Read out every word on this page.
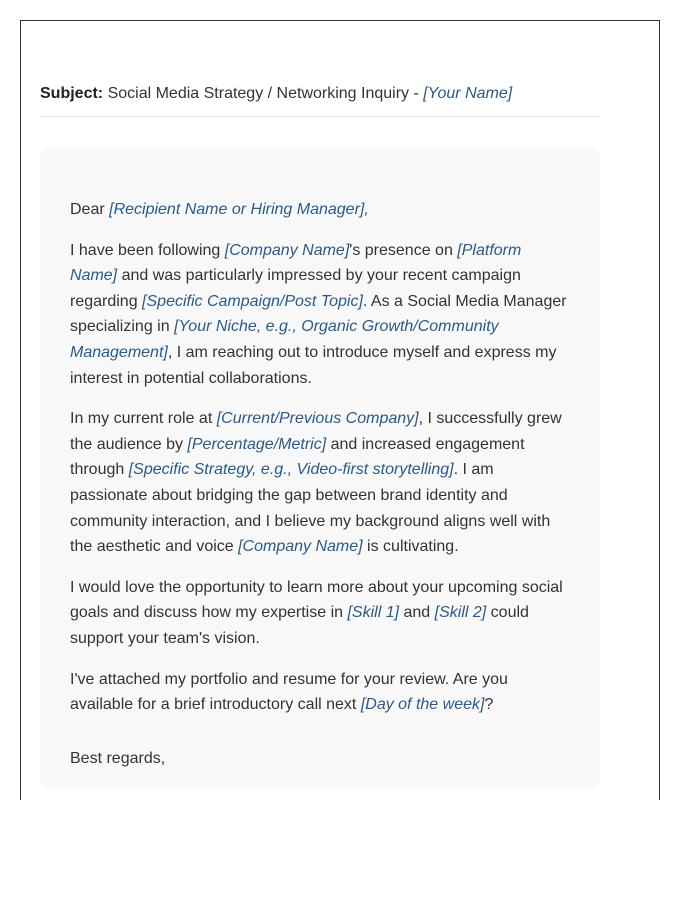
Subject: Social Media Strategy / Networking Inquiry - [Your Name]

Dear [Recipient Name or Hiring Manager],

I have been following [Company Name]'s presence on [Platform Name] and was particularly impressed by your recent campaign regarding [Specific Campaign/Post Topic]. As a Social Media Manager specializing in [Your Niche, e.g., Organic Growth/Community Management], I am reaching out to introduce myself and express my interest in potential collaborations.

In my current role at [Current/Previous Company], I successfully grew the audience by [Percentage/Metric] and increased engagement through [Specific Strategy, e.g., Video-first storytelling]. I am passionate about bridging the gap between brand identity and community interaction, and I believe my background aligns well with the aesthetic and voice [Company Name] is cultivating.

I would love the opportunity to learn more about your upcoming social goals and discuss how my expertise in [Skill 1] and [Skill 2] could support your team's vision.

I've attached my portfolio and resume for your review. Are you available for a brief introductory call next [Day of the week]?

Best regards,
